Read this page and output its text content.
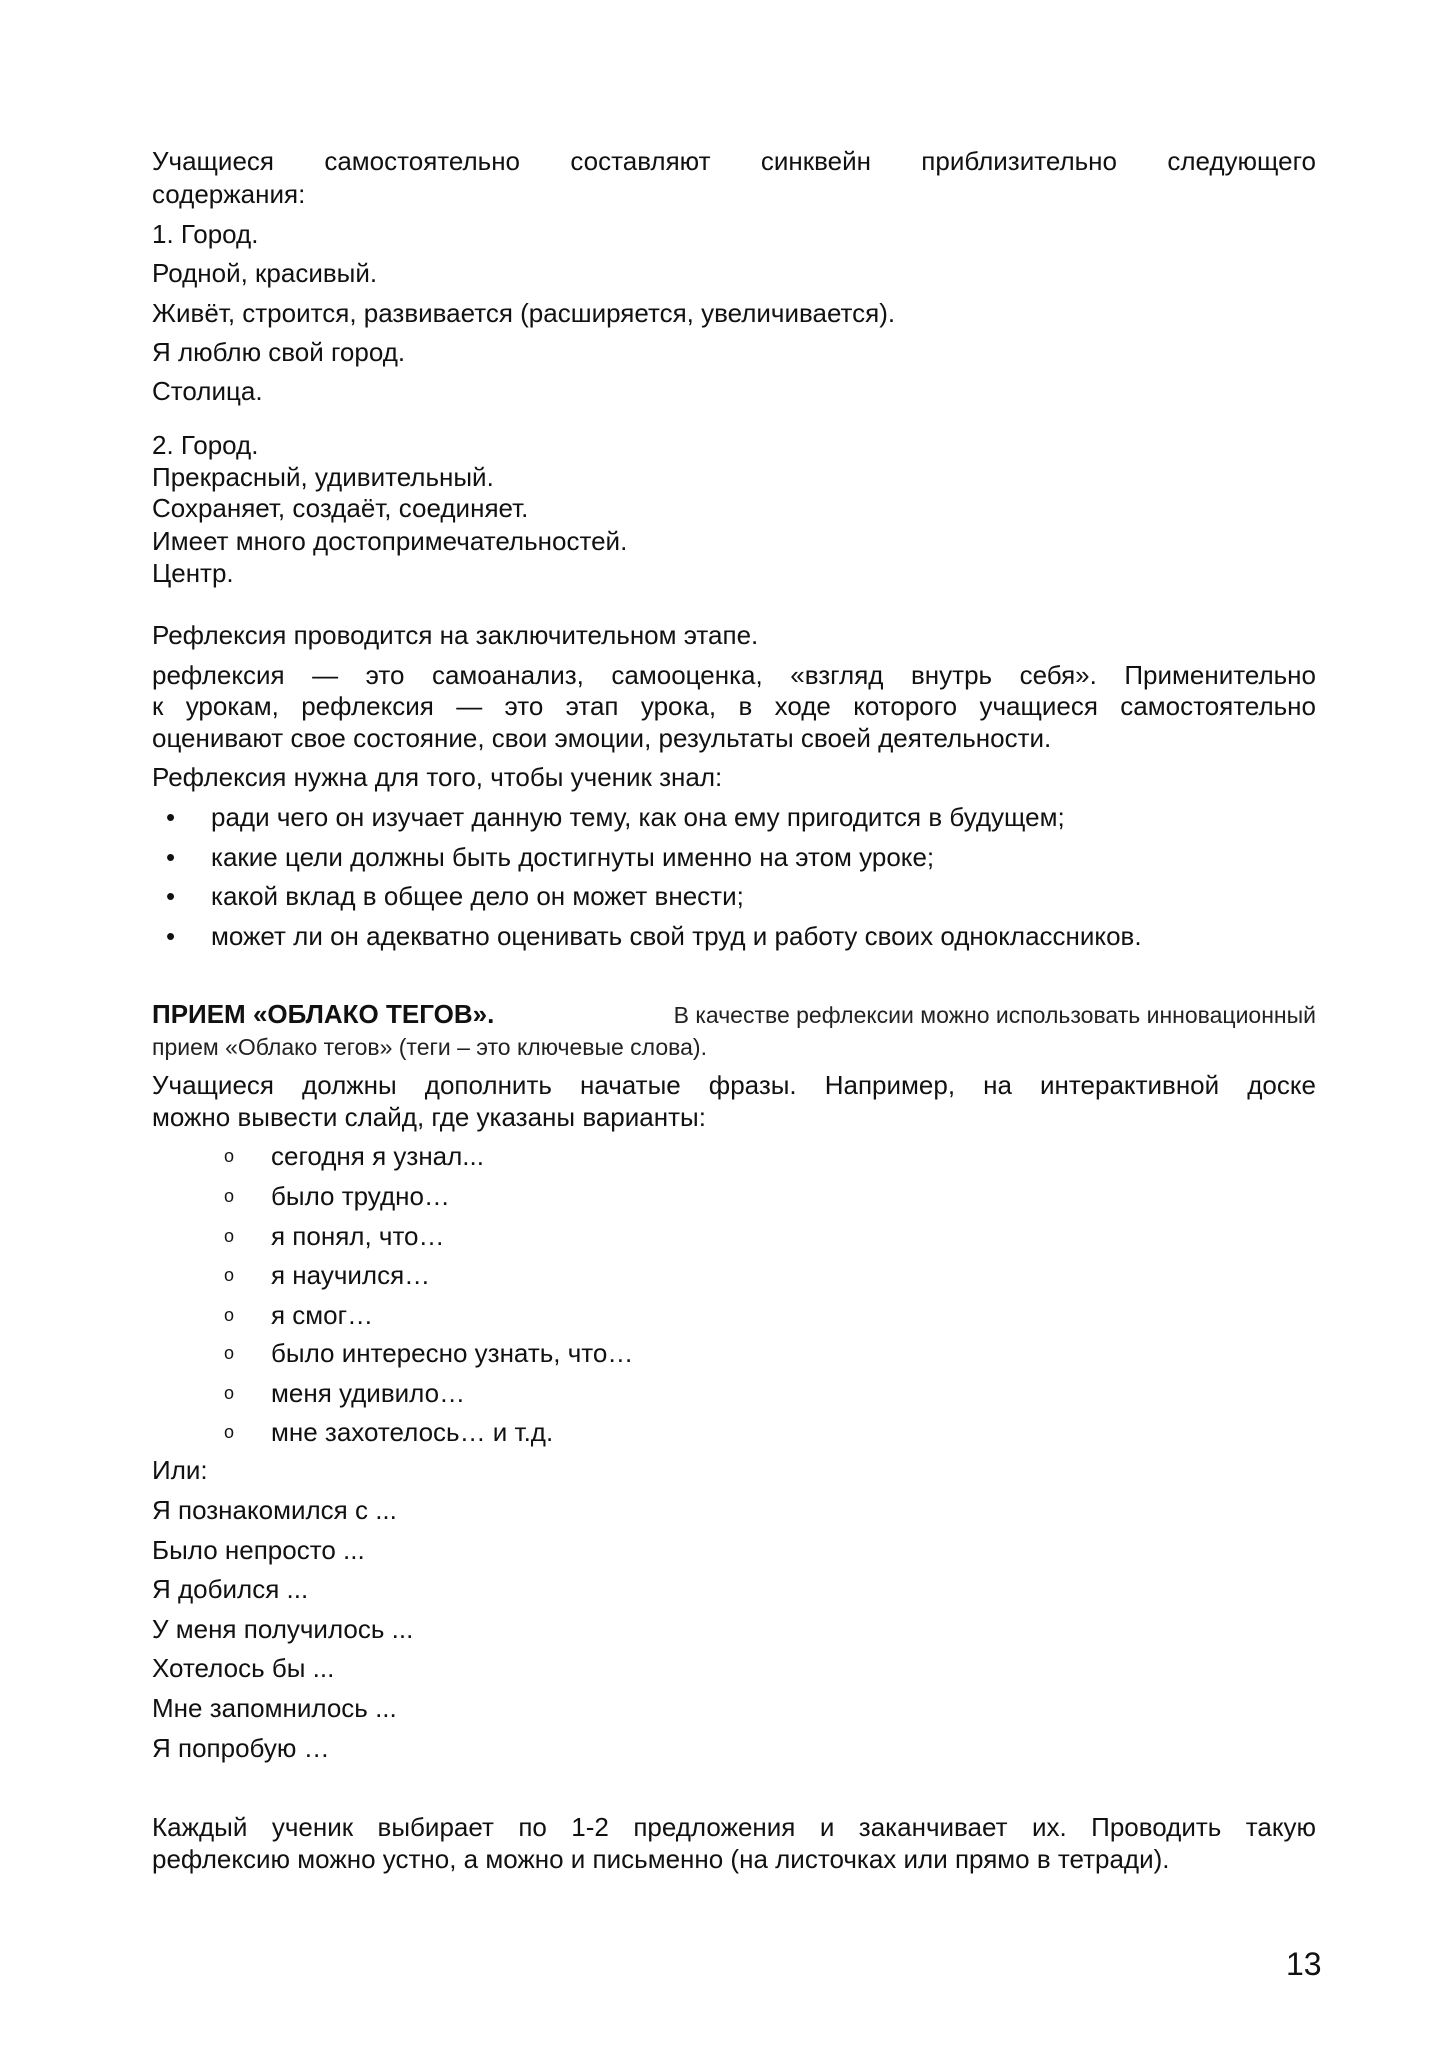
Учащиеся самостоятельно составляют синквейн приблизительно следующего
содержания:
1. Город.
Родной, красивый.
Живёт, строится, развивается (расширяется, увеличивается).
Я люблю свой город.
Столица.
2. Город.
Прекрасный, удивительный.
Сохраняет, создаёт, соединяет.
Имеет много достопримечательностей.
Центр.
Рефлексия проводится на заключительном этапе.
рефлексия — это самоанализ, самооценка, «взгляд внутрь себя». Применительно
к урокам, рефлексия — это этап урока, в ходе которого учащиеся самостоятельно
оценивают свое состояние, свои эмоции, результаты своей деятельности.
Рефлексия нужна для того, чтобы ученик знал:
• ради чего он изучает данную тему, как она ему пригодится в будущем;
• какие цели должны быть достигнуты именно на этом уроке;
• какой вклад в общее дело он может внести;
• может ли он адекватно оценивать свой труд и работу своих одноклассников.
ПРИЕМ «ОБЛАКО ТЕГОВ».	В качестве рефлексии можно использовать инновационный
прием «Облако тегов» (теги – это ключевые слова).
Учащиеся должны дополнить начатые фразы. Например, на интерактивной доске
можно вывести слайд, где указаны варианты:
o сегодня я узнал...
o было трудно…
o я понял, что…
o я научился…
o я смог…
o было интересно узнать, что…
o меня удивило…
o мне захотелось… и т.д.
Или:
Я познакомился с ...
Было непросто ...
Я добился ...
У меня получилось ...
Хотелось бы ...
Мне запомнилось ...
Я попробую …
Каждый ученик выбирает по 1-2 предложения и заканчивает их. Проводить такую
рефлексию можно устно, а можно и письменно (на листочках или прямо в тетради).
13
